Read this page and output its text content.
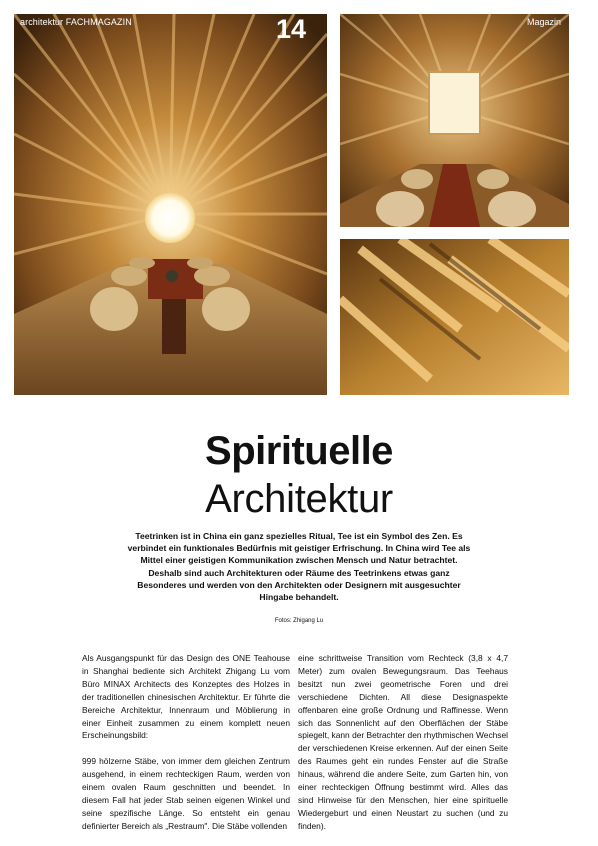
architektur FACHMAGAZIN	14	Magazin
Spirituelle
Architektur
Teetrinken ist in China ein ganz spezielles Ritual, Tee ist ein Symbol des Zen. Es verbindet ein funktionales Bedürfnis mit geistiger Erfrischung. In China wird Tee als Mittel einer geistigen Kommunikation zwischen Mensch und Natur betrachtet. Deshalb sind auch Architekturen oder Räume des Teetrinkens etwas ganz Besonderes und werden von den Architekten oder Designern mit ausgesuchter Hingabe behandelt.
Fotos: Zhigang Lu

Als Ausgangspunkt für das Design des ONE Teahouse in Shanghai bediente sich Architekt Zhigang Lu vom Büro MINAX Architects des Konzeptes des Holzes in der traditionellen chinesischen Architektur. Er führte die Bereiche Architektur, Innenraum und Möblierung in einer Einheit zusammen zu einem komplett neuen Erscheinungsbild:

999 hölzerne Stäbe, von immer dem gleichen Zentrum ausgehend, in einem rechteckigen Raum, werden von einem ovalen Raum geschnitten und beendet. In diesem Fall hat jeder Stab seinen eigenen Winkel und seine spezifische Länge. So entsteht ein genau definierter Bereich als „Restraum". Die Stäbe vollenden

eine schrittweise Transition vom Rechteck (3,8 x 4,7 Meter) zum ovalen Bewegungsraum. Das Teehaus besitzt nun zwei geometrische Foren und drei verschiedene Dichten. All diese Designaspekte offenbaren eine große Ordnung und Raffinesse. Wenn sich das Sonnenlicht auf den Oberflächen der Stäbe spiegelt, kann der Betrachter den rhythmischen Wechsel der verschiedenen Kreise erkennen. Auf der einen Seite des Raumes geht ein rundes Fenster auf die Straße hinaus, während die andere Seite, zum Garten hin, von einer rechteckigen Öffnung bestimmt wird. Alles das sind Hinweise für den Menschen, hier eine spirituelle Wiedergeburt und einen Neustart zu suchen (und zu finden).
